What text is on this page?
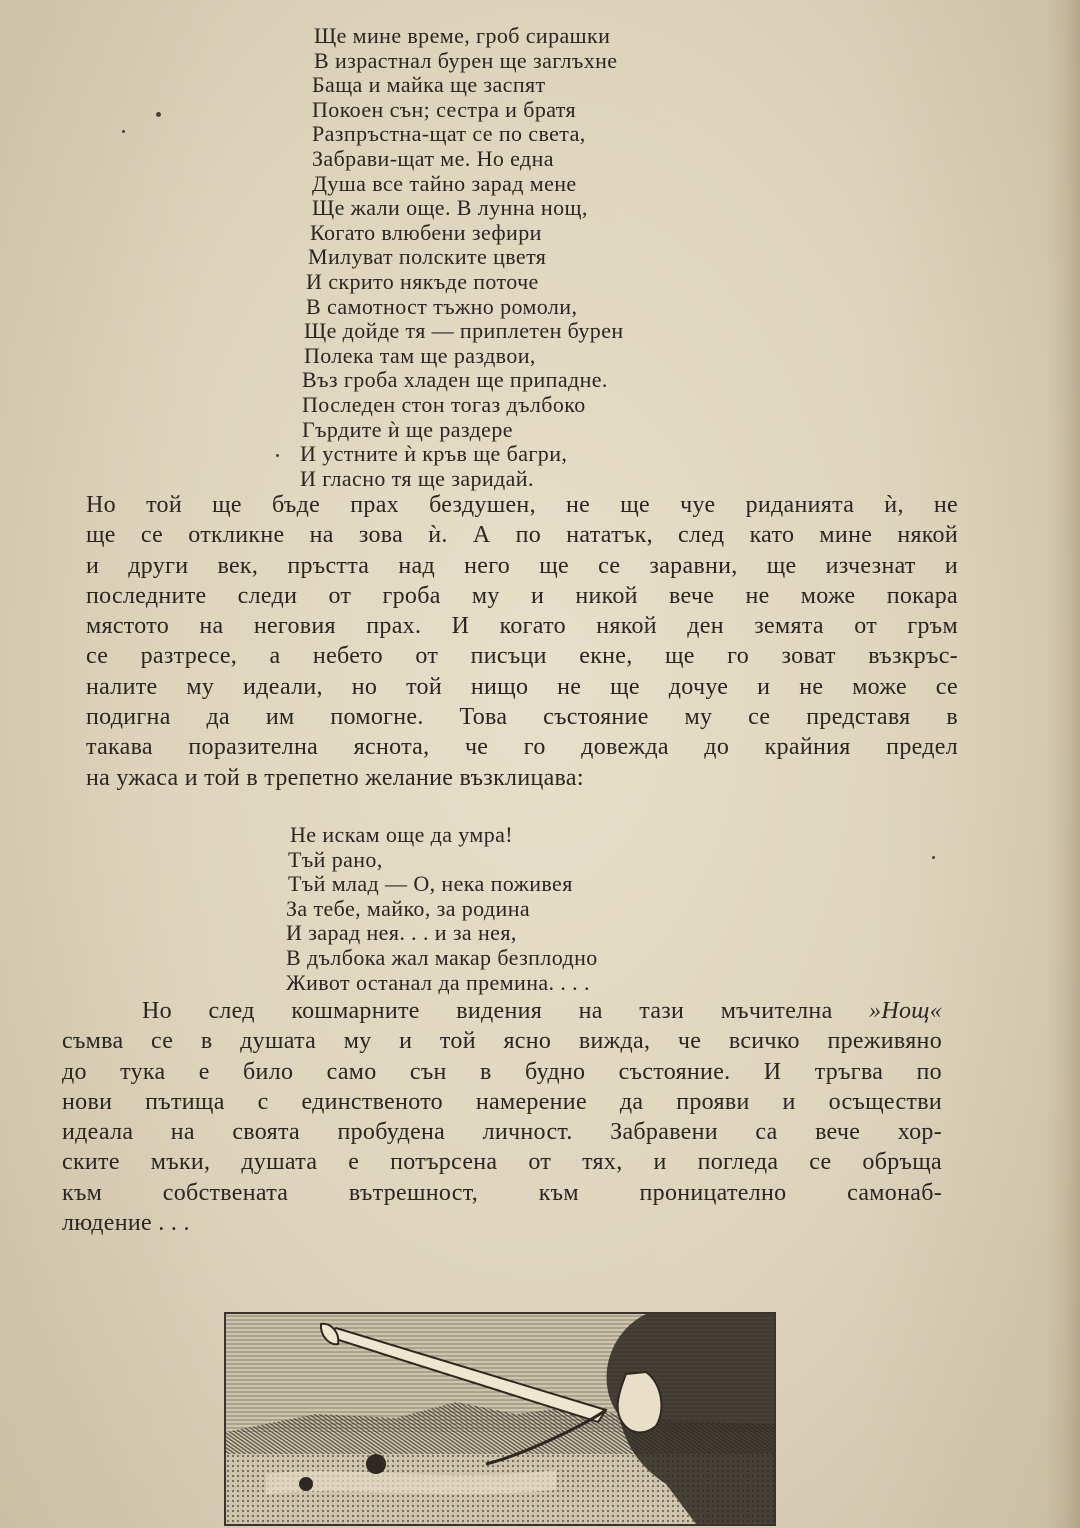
Ще мине време, гроб сирашки
В израстнал бурен ще заглъхне
Баща и майка ще заспят
Покоен сън; сестра и братя
Разпръстна-щат се по света,
Забрави-щат ме. Но една
Душа все тайно зарад мене
Ще жали още. В лунна нощ,
Когато влюбени зефири
Милуват полските цветя
И скрито някъде поточе
В самотност тъжно ромоли,
Ще дойде тя — приплетен бурен
Полека там ще раздвои,
Въз гроба хладен ще припадне.
Последен стон тогаз дълбоко
Гърдите ѝ ще раздере
И устните ѝ кръв ще багри,
И гласно тя ще заридай.
Но той ще бъде прах бездушен, не ще чуе риданията ѝ, не
ще се откликне на зова ѝ. А по нататък, след като мине някой
и други век, пръстта над него ще се заравни, ще изчезнат и
последните следи от гроба му и никой вече не може покара
мястото на неговия прах. И когато някой ден земята от гръм
се разтресе, а небето от писъци екне, ще го зоват възкръс-
налите му идеали, но той нищо не ще дочуе и не може се
подигна да им помогне. Това състояние му се представя в
такава поразителна яснота, че го довежда до крайния предел
на ужаса и той в трепетно желание възклицава:
Не искам още да умра!
Тъй рано,
Тъй млад — О, нека поживея
За тебе, майко, за родина
И зарад нея. . . и за нея,
В дълбока жал макар безплодно
Живот останал да премина. . . .
Но след кошмарните видения на тази мъчителна »Нощ«
съмва се в душата му и той ясно вижда, че всичко преживяно
до тука е било само сън в будно състояние. И тръгва по
нови пътища с единственото намерение да прояви и осъществи
идеала на своята пробудена личност. Забравени са вече хор-
ските мъки, душата е потърсена от тях, и погледа се обръща
към собствената вътрешност, към проницателно самонаб-
людение . . .
